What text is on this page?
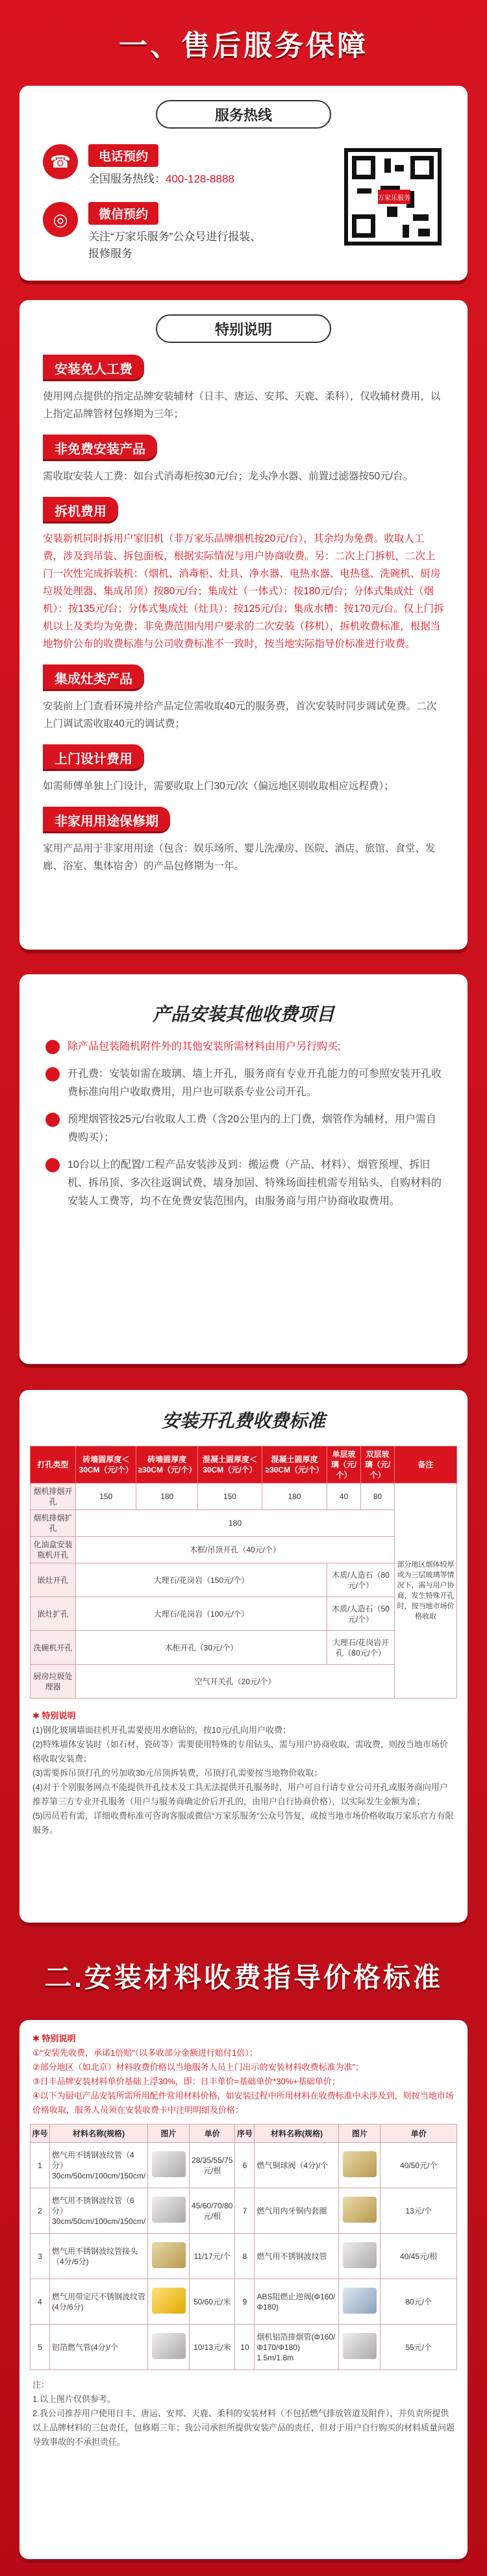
一、售后服务保障
服务热线
☎	电话预约
全国服务热线：400-128-8888
◎	微信预约
关注“万家乐服务”公众号进行报装、
报修服务
万家乐服务
特别说明
安装免人工费
使用网点提供的指定品牌安装辅材（日丰、唐运、安邦、天鹿、柔科），仅收辅材费用，以上指定品牌管材包修期为三年；
非免费安装产品
需收取安装人工费：如台式消毒柜按30元/台；龙头净水器、前置过滤器按50元/台。
拆机费用
安装新机同时拆用户家旧机（非万家乐品牌烟机按20元/台），其余均为免费。收取人工费，涉及到吊装、拆包面板，根据实际情况与用户协商收费。另：二次上门拆机，二次上门一次性完成拆装机：（烟机、消毒柜、灶具、净水器、电热水器、电热毯、洗碗机、厨房垃圾处理器、集成吊顶）按80元/台；集成灶（一体式）：按180元/台；分体式集成灶（烟机）：按135元/台；分体式集成灶（灶具）：按125元/台；集成水槽：按170元/台。仅上门拆机以上及类均为免费；非免费范围内用户要求的二次安装（移机），拆机收费标准，根据当地物价公布的收费标准与公司收费标准不一致时，按当地实际指导价标准进行收费。
集成灶类产品
安装前上门查看环境并给产品定位需收取40元的服务费，首次安装时同步调试免费。二次上门调试需收取40元的调试费；
上门设计费用
如需师傅单独上门设计，需要收取上门30元/次（偏远地区则收取相应远程费）；
非家用用途保修期
家用产品用于非家用用途（包含：娱乐场所、婴儿洗澡房、医院、酒店、旅馆、食堂、发廊、浴室、集体宿舍）的产品包修期为一年。
产品安装其他收费项目
除产品包装随机附件外的其他安装所需材料由用户另行购买;
开孔费：安装如需在玻璃、墙上开孔，服务商有专业开孔能力的可参照安装开孔收费标准向用户收取费用，用户也可联系专业公司开孔。
预埋烟管按25元/台收取人工费（含20公里内的上门费，烟管作为辅材，用户需自费购买）；
10台以上的配置/工程产品安装涉及到：搬运费（产品、材料）、烟管预埋、拆旧机、拆吊顶、多次往返调试费、墙身加固、特殊场面挂机需专用钻头，自购材料的安装人工费等，均不在免费安装范围内，由服务商与用户协商收取费用。
安装开孔费收费标准
打孔类型	砖墙圆厚度＜30CM（元/个）	砖墙圆厚度≥30CM（元/个）	混凝土圆厚度＜30CM（元/个）	混凝土圆厚度≥30CM（元/个）	单层玻璃（元/个）	双层玻璃（元/个）	备注
烟机排烟开孔	150	180	150	180	40	80	部分地区烟体较厚或为三层玻璃等情况下，需与用户协商，发生特殊开孔时，按当地市场价格收取
烟机排烟扩孔	180						
化油盒安装瓶机开孔	木框/吊顶开孔（40元/个）						
嵌灶开孔	大理石/花岗岩（150元/个）				木质/人造石（80元/个）		
嵌灶扩孔	大理石/花岗岩（100元/个）				木质/人造石（50元/个）		
洗碗机开孔	木柜开孔（30元/个）				大理石/花岗岩开孔（80元/个）		
厨房垃圾处理器	空气开关孔（20元/个）						
✱ 特别说明
(1)钢化玻璃墙面挂机开孔需要使用水磨钻的，按10元/孔向用户收费；
(2)特殊墙体安装时（如石材、瓷砖等）需要使用特殊的专用钻头，需与用户协商收取，需收费，则按当地市场价格收取安装费；
(3)需要拆吊顶打孔的另加收30元吊顶拆装费，吊顶打孔需要按当地物价收取；
(4)对于个别服务网点不能提供开孔技术及工具无法提供开孔服务时，用户可自行请专业公司开孔或服务商向用户推荐第三方专业开孔服务（用户与服务商确定价后开孔的，由用户自行协商价格），以实际发生金额为准；
(5)因员若有需，详细收费标准可咨询客服或微信“万家乐服务”公众号答复，或按当地市场价格收取万家乐官方有限服务。
二.安装材料收费指导价格标准
✱ 特别说明
①“安装先收费，承诺1倍赔”（以多收部分金额进行赔付1倍）；
②部分地区（如北京）材料收费价格以当地服务人员上门出示的安装材料收费标准为准”；
③日丰品牌安装材料单价基础上浮30%，即：日丰单价=基础单价*30%+基础单价；
④以下为厨电产品安装所需所用配件常用材料价格，如安装过程中所用材料在收费标准中未涉及到，则按当地市场价格收取，服务人员须在安装收费卡中注明明细及价格：
序号	材料名称(规格)	图片	单价	序号	材料名称(规格)	图片	单价
1	燃气用不锈钢波纹管（4分）30cm/50cm/100cm/150cm/		28/35/55/75元/根	6	燃气铜球阀（4分)/个		40/50元/个
2	燃气用不锈钢波纹管（6分）30cm/50cm/100cm/150cm/		45/60/70/80元/根	7	燃气用内牙铜内套圈		13元/个
3	燃气用不锈钢波纹管接头（4分/6分)		11/17元/个	8	燃气用不锈钢波纹管		40/45元/根
4	燃气用带定尺不锈钢波纹管(4分/6分)		50/60元/米	9	ABS阻燃止逆阀(Φ160/Φ180)		80元/个
5	铝箔燃气管(4分)/个		10/13元/米	10	烟机铝箔排烟管(Φ160/Φ170/Φ180) 1.5m/1.8m		55元/个
注：
1.以上图片仅供参考。
2.我公司推荐用户使用日丰、唐运、安邦、天鹿、柔科的安装材料（不包括燃气排放管道及附件），并负责所提供以上品牌材料的三包责任，包修期三年；我公司承担所提供安装产品的责任，但对于用户自行购买的材料质量问题导致事故的不承担责任。
